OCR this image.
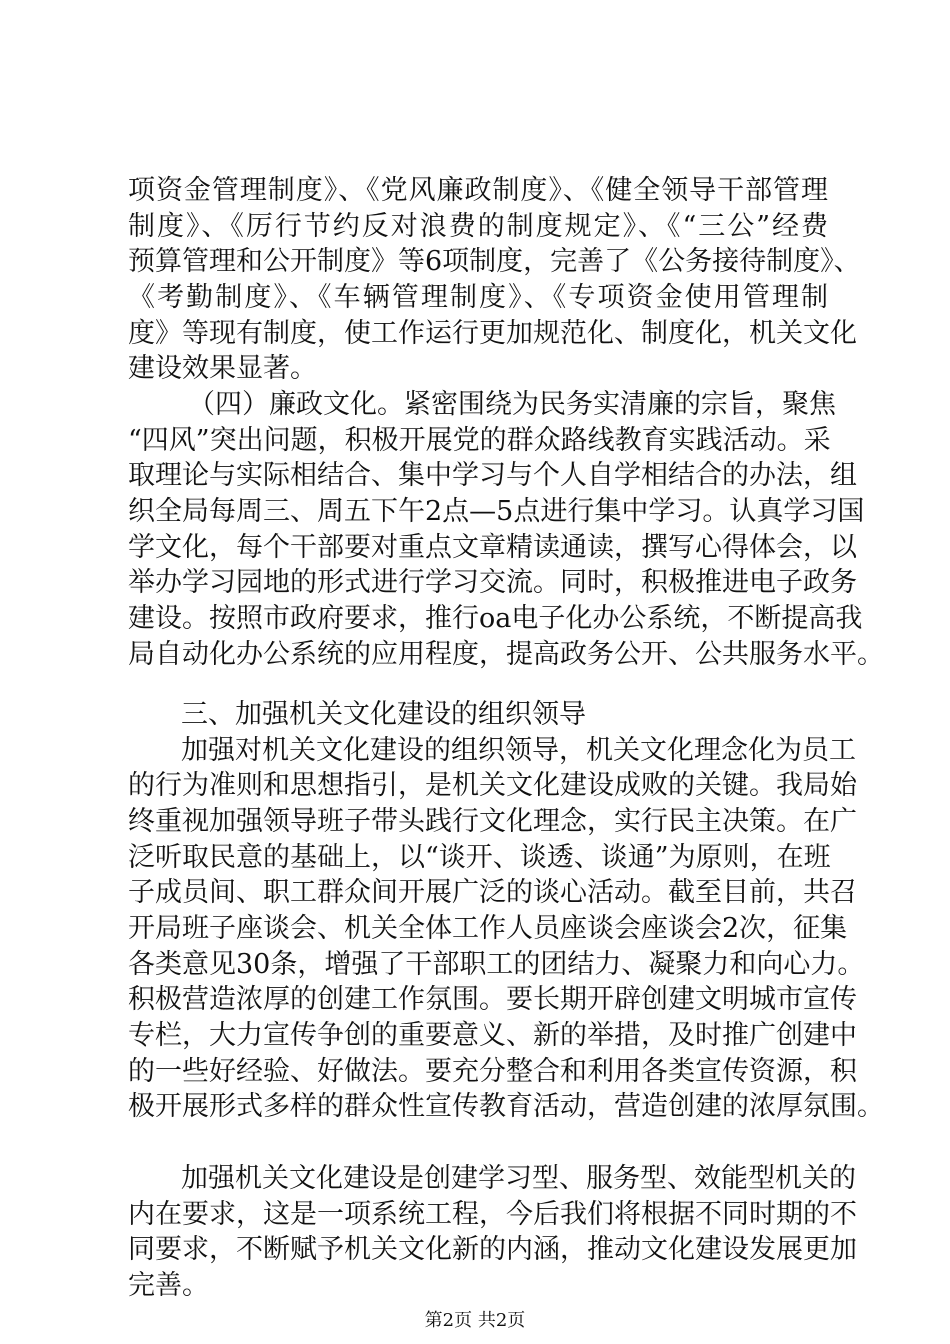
项资金管理制度》、《党风廉政制度》、《健全领导干部管理
制度》、《厉行节约反对浪费的制度规定》、《“三公”经费
预算管理和公开制度》等6项制度，完善了《公务接待制度》、
《考勤制度》、《车辆管理制度》、《专项资金使用管理制
度》等现有制度，使工作运行更加规范化、制度化，机关文化
建设效果显著。
（四）廉政文化。紧密围绕为民务实清廉的宗旨，聚焦
“四风”突出问题，积极开展党的群众路线教育实践活动。采
取理论与实际相结合、集中学习与个人自学相结合的办法，组
织全局每周三、周五下午2点—5点进行集中学习。认真学习国
学文化，每个干部要对重点文章精读通读，撰写心得体会，以
举办学习园地的形式进行学习交流。同时，积极推进电子政务
建设。按照市政府要求，推行oa电子化办公系统，不断提高我
局自动化办公系统的应用程度，提高政务公开、公共服务水平。
三、加强机关文化建设的组织领导
加强对机关文化建设的组织领导，机关文化理念化为员工
的行为准则和思想指引，是机关文化建设成败的关键。我局始
终重视加强领导班子带头践行文化理念，实行民主决策。在广
泛听取民意的基础上，以“谈开、谈透、谈通”为原则，在班
子成员间、职工群众间开展广泛的谈心活动。截至目前，共召
开局班子座谈会、机关全体工作人员座谈会座谈会2次，征集
各类意见30条，增强了干部职工的团结力、凝聚力和向心力。
积极营造浓厚的创建工作氛围。要长期开辟创建文明城市宣传
专栏，大力宣传争创的重要意义、新的举措，及时推广创建中
的一些好经验、好做法。要充分整合和利用各类宣传资源，积
极开展形式多样的群众性宣传教育活动，营造创建的浓厚氛围。
加强机关文化建设是创建学习型、服务型、效能型机关的
内在要求，这是一项系统工程，今后我们将根据不同时期的不
同要求，不断赋予机关文化新的内涵，推动文化建设发展更加
完善。
第2页 共2页
